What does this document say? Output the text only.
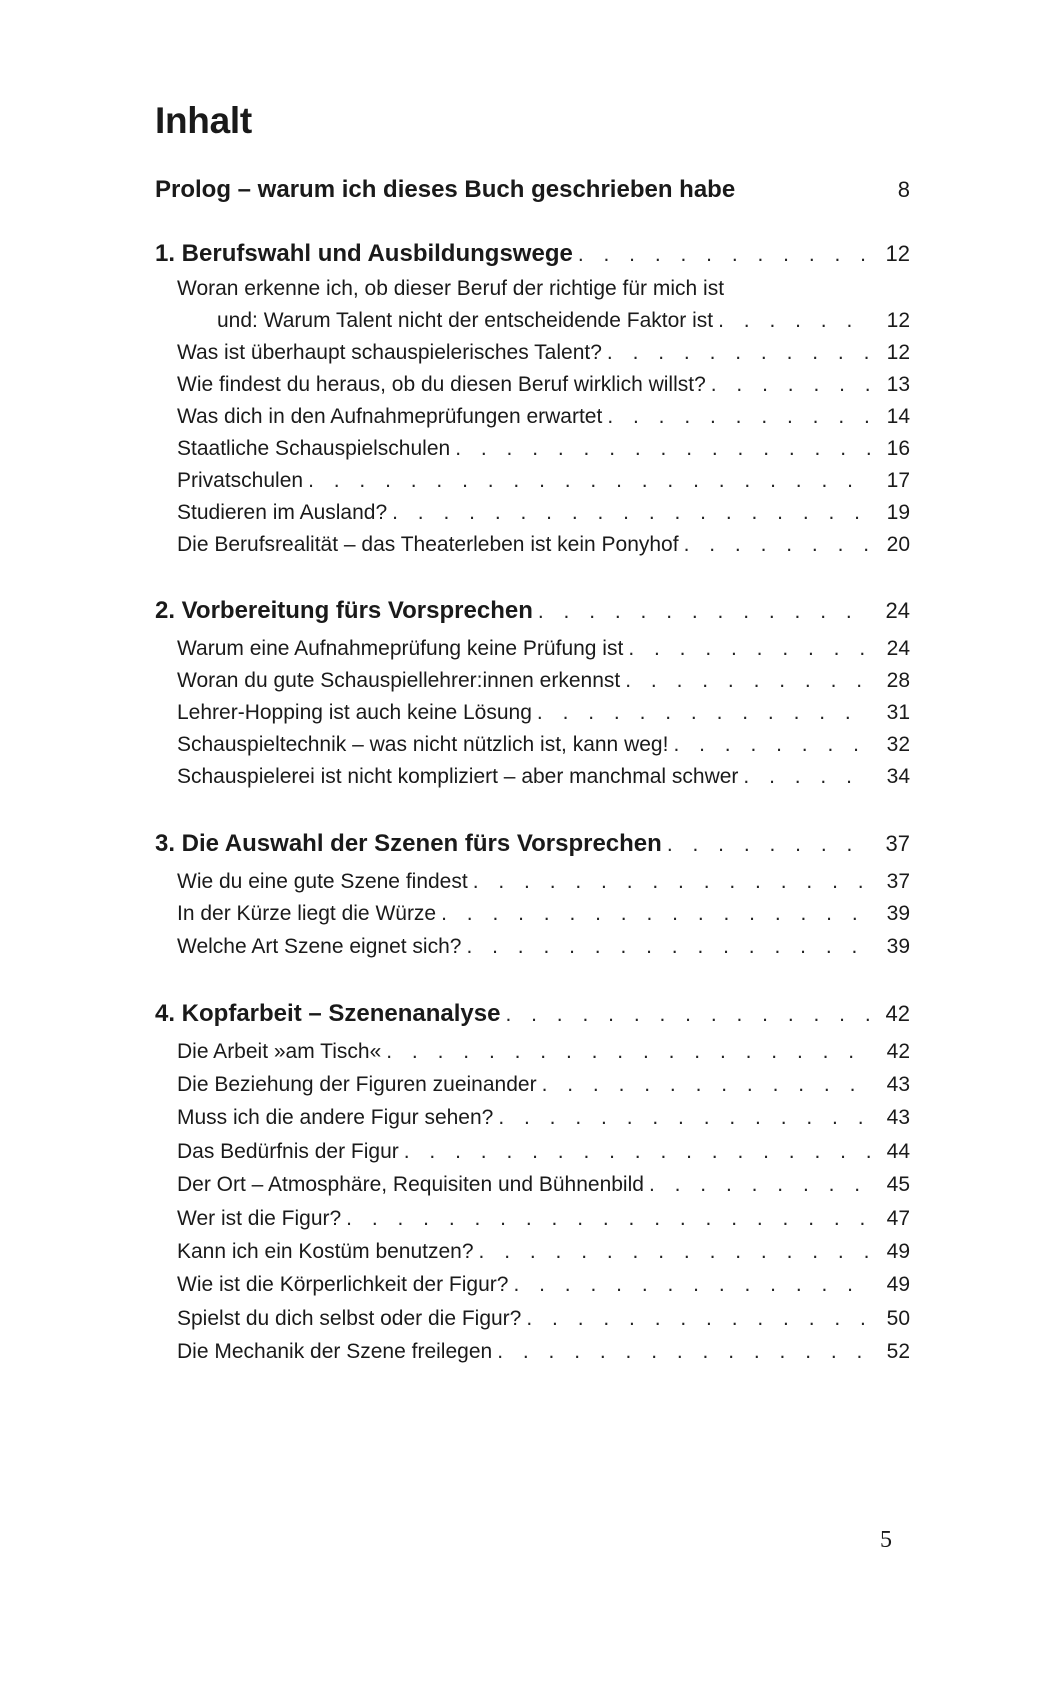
Inhalt
Prolog – warum ich dieses Buch geschrieben habe	8
1. Berufswahl und Ausbildungswege . . .	12
Woran erkenne ich, ob dieser Beruf der richtige für mich ist
und: Warum Talent nicht der entscheidende Faktor ist . . .	12
Was ist überhaupt schauspielerisches Talent? . . .	12
Wie findest du heraus, ob du diesen Beruf wirklich willst? . . .	13
Was dich in den Aufnahmeprüfungen erwartet . . .	14
Staatliche Schauspielschulen . . .	16
Privatschulen . . .	17
Studieren im Ausland? . . .	19
Die Berufsrealität – das Theaterleben ist kein Ponyhof . . .	20
2. Vorbereitung fürs Vorsprechen . . .	24
Warum eine Aufnahmeprüfung keine Prüfung ist . . .	24
Woran du gute Schauspiellehrer:innen erkennst . . .	28
Lehrer-Hopping ist auch keine Lösung . . .	31
Schauspieltechnik – was nicht nützlich ist, kann weg! . . .	32
Schauspielerei ist nicht kompliziert – aber manchmal schwer . . .	34
3. Die Auswahl der Szenen fürs Vorsprechen . . .	37
Wie du eine gute Szene findest . . .	37
In der Kürze liegt die Würze . . .	39
Welche Art Szene eignet sich? . . .	39
4. Kopfarbeit – Szenenanalyse . . .	42
Die Arbeit »am Tisch« . . .	42
Die Beziehung der Figuren zueinander . . .	43
Muss ich die andere Figur sehen? . . .	43
Das Bedürfnis der Figur . . .	44
Der Ort – Atmosphäre, Requisiten und Bühnenbild . . .	45
Wer ist die Figur? . . .	47
Kann ich ein Kostüm benutzen? . . .	49
Wie ist die Körperlichkeit der Figur? . . .	49
Spielst du dich selbst oder die Figur? . . .	50
Die Mechanik der Szene freilegen . . .	52
5
